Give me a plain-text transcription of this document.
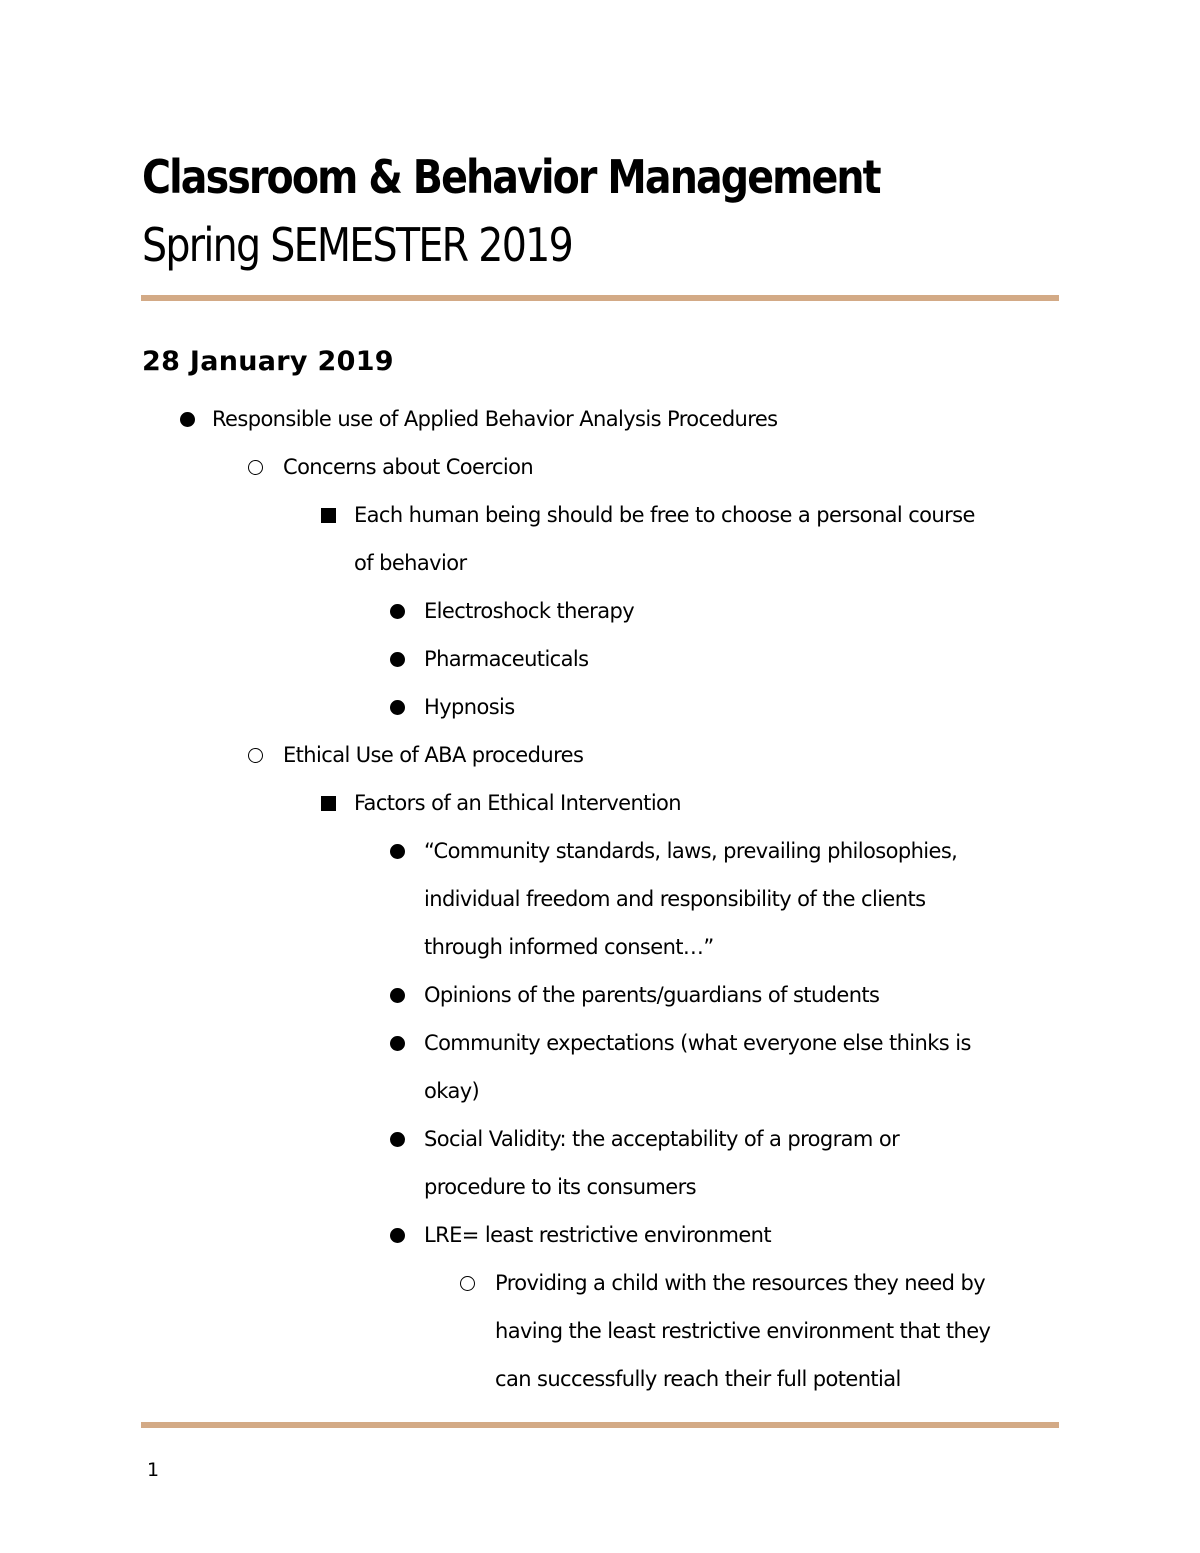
Classroom & Behavior Management
Spring SEMESTER 2019
28 January 2019
Responsible use of Applied Behavior Analysis Procedures
Concerns about Coercion
Each human being should be free to choose a personal course
of behavior
Electroshock therapy
Pharmaceuticals
Hypnosis
Ethical Use of ABA procedures
Factors of an Ethical Intervention
“Community standards, laws, prevailing philosophies,
individual freedom and responsibility of the clients
through informed consent…”
Opinions of the parents/guardians of students
Community expectations (what everyone else thinks is
okay)
Social Validity: the acceptability of a program or
procedure to its consumers
LRE= least restrictive environment
Providing a child with the resources they need by
having the least restrictive environment that they
can successfully reach their full potential
1
